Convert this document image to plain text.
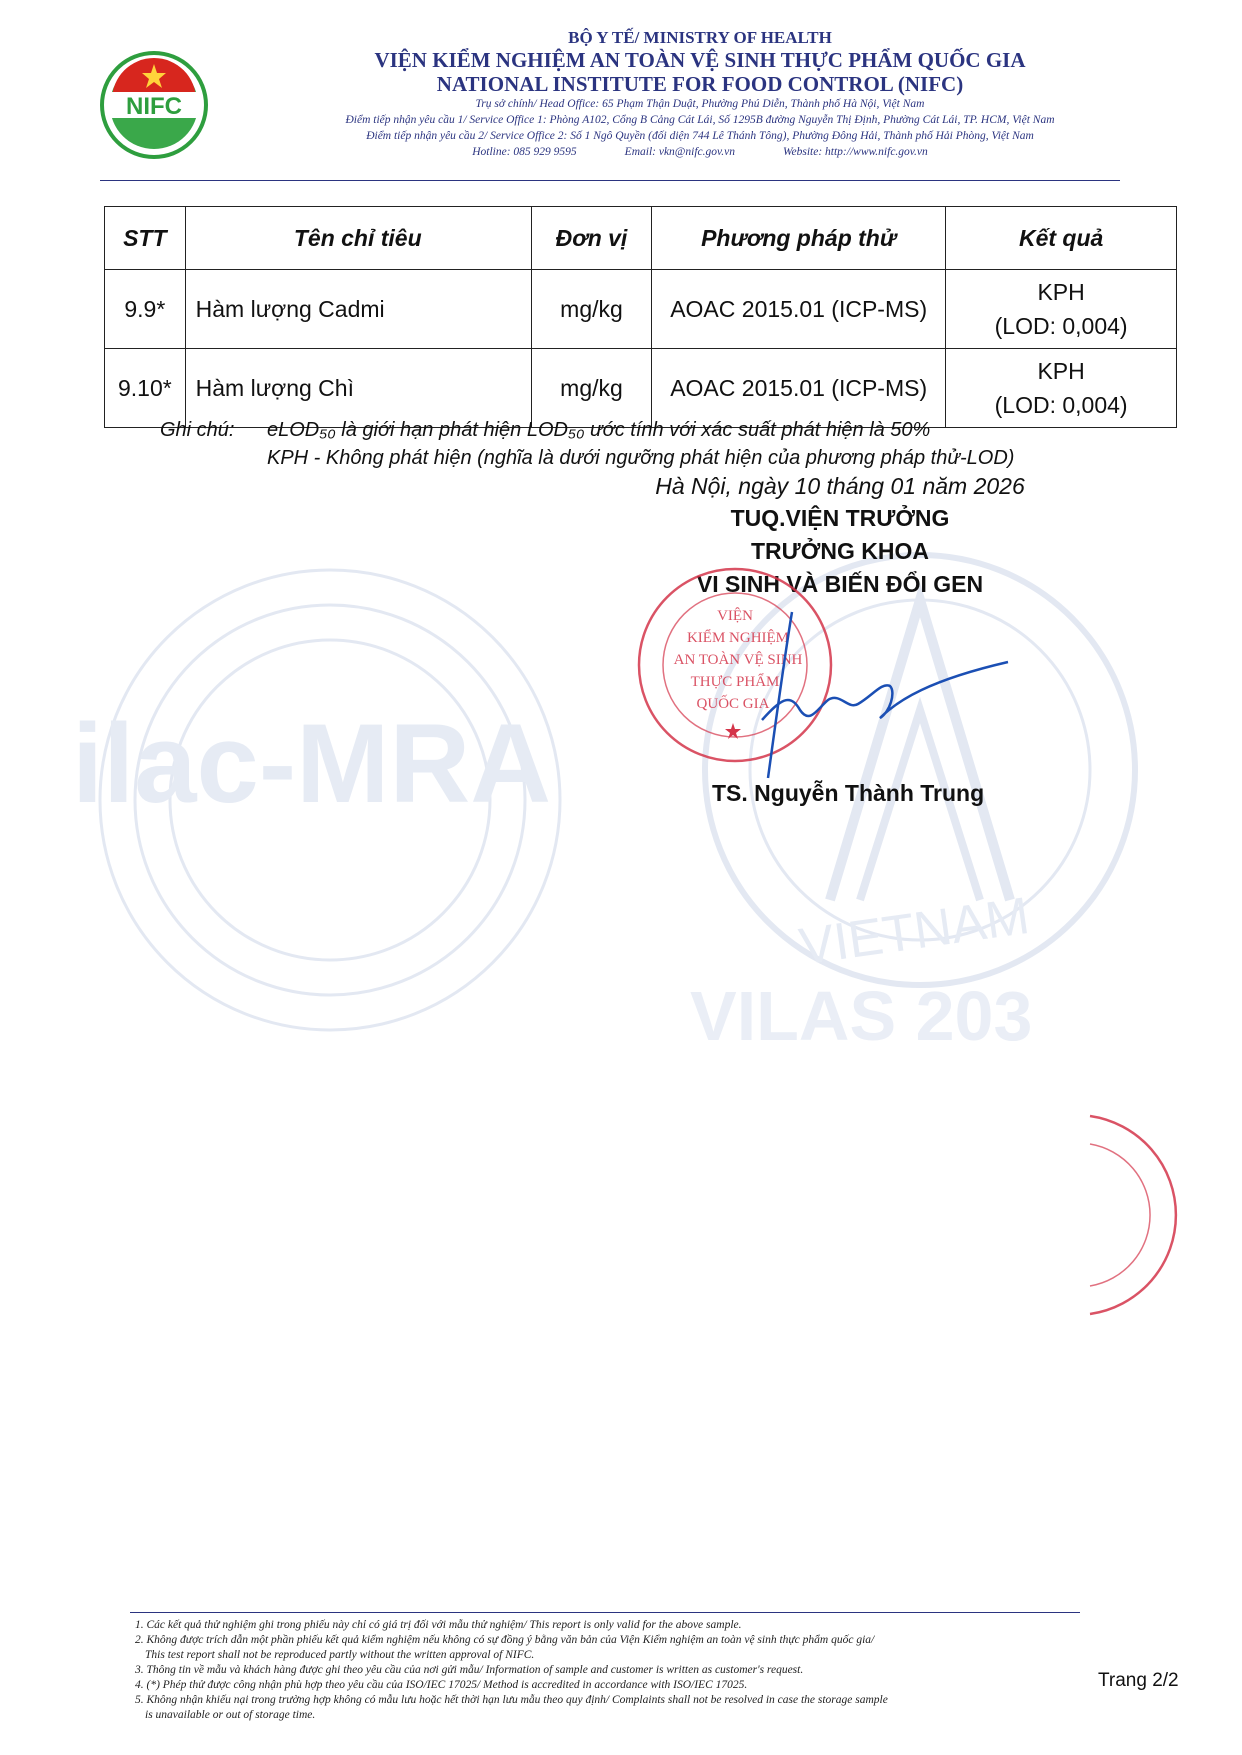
ilac-MRA
VIETNAM
VILAS 203
NIFC
BỘ Y TẾ/ MINISTRY OF HEALTH
VIỆN KIỂM NGHIỆM AN TOÀN VỆ SINH THỰC PHẨM QUỐC GIA
NATIONAL INSTITUTE FOR FOOD CONTROL (NIFC)
Trụ sở chính/ Head Office: 65 Phạm Thận Duật, Phường Phú Diễn, Thành phố Hà Nội, Việt Nam
Điểm tiếp nhận yêu cầu 1/ Service Office 1: Phòng A102, Cổng B Cảng Cát Lái, Số 1295B đường Nguyễn Thị Định, Phường Cát Lái, TP. HCM, Việt Nam
Điểm tiếp nhận yêu cầu 2/ Service Office 2: Số 1 Ngô Quyền (đối diện 744 Lê Thánh Tông), Phường Đông Hải, Thành phố Hải Phòng, Việt Nam
Hotline: 085 929 9595	Email: vkn@nifc.gov.vn	Website: http://www.nifc.gov.vn
STT	Tên chỉ tiêu	Đơn vị	Phương pháp thử	Kết quả
9.9*	Hàm lượng Cadmi	mg/kg	AOAC 2015.01 (ICP-MS)	KPH
(LOD: 0,004)

9.10*	Hàm lượng Chì	mg/kg	AOAC 2015.01 (ICP-MS)	KPH
(LOD: 0,004)
Ghi chú: eLOD₅₀ là giới hạn phát hiện LOD₅₀ ước tính với xác suất phát hiện là 50%
KPH - Không phát hiện (nghĩa là dưới ngưỡng phát hiện của phương pháp thử-LOD)
Hà Nội, ngày 10 tháng 01 năm 2026
TUQ.VIỆN TRƯỞNG
TRƯỞNG KHOA
VI SINH VÀ BIẾN ĐỔI GEN
VIỆN
KIỂM NGHIỆM
AN TOÀN VỆ SINH
THỰC PHẨM
QUỐC GIA
TS. Nguyễn Thành Trung
1. Các kết quả thử nghiệm ghi trong phiếu này chỉ có giá trị đối với mẫu thử nghiệm/ This report is only valid for the above sample.
2. Không được trích dẫn một phần phiếu kết quả kiểm nghiệm nếu không có sự đồng ý bằng văn bản của Viện Kiểm nghiệm an toàn vệ sinh thực phẩm quốc gia/
This test report shall not be reproduced partly without the written approval of NIFC.
3. Thông tin về mẫu và khách hàng được ghi theo yêu cầu của nơi gửi mẫu/ Information of sample and customer is written as customer's request.
4. (*) Phép thử được công nhận phù hợp theo yêu cầu của ISO/IEC 17025/ Method is accredited in accordance with ISO/IEC 17025.
5. Không nhận khiếu nại trong trường hợp không có mẫu lưu hoặc hết thời hạn lưu mẫu theo quy định/ Complaints shall not be resolved in case the storage sample
is unavailable or out of storage time.
Trang 2/2
